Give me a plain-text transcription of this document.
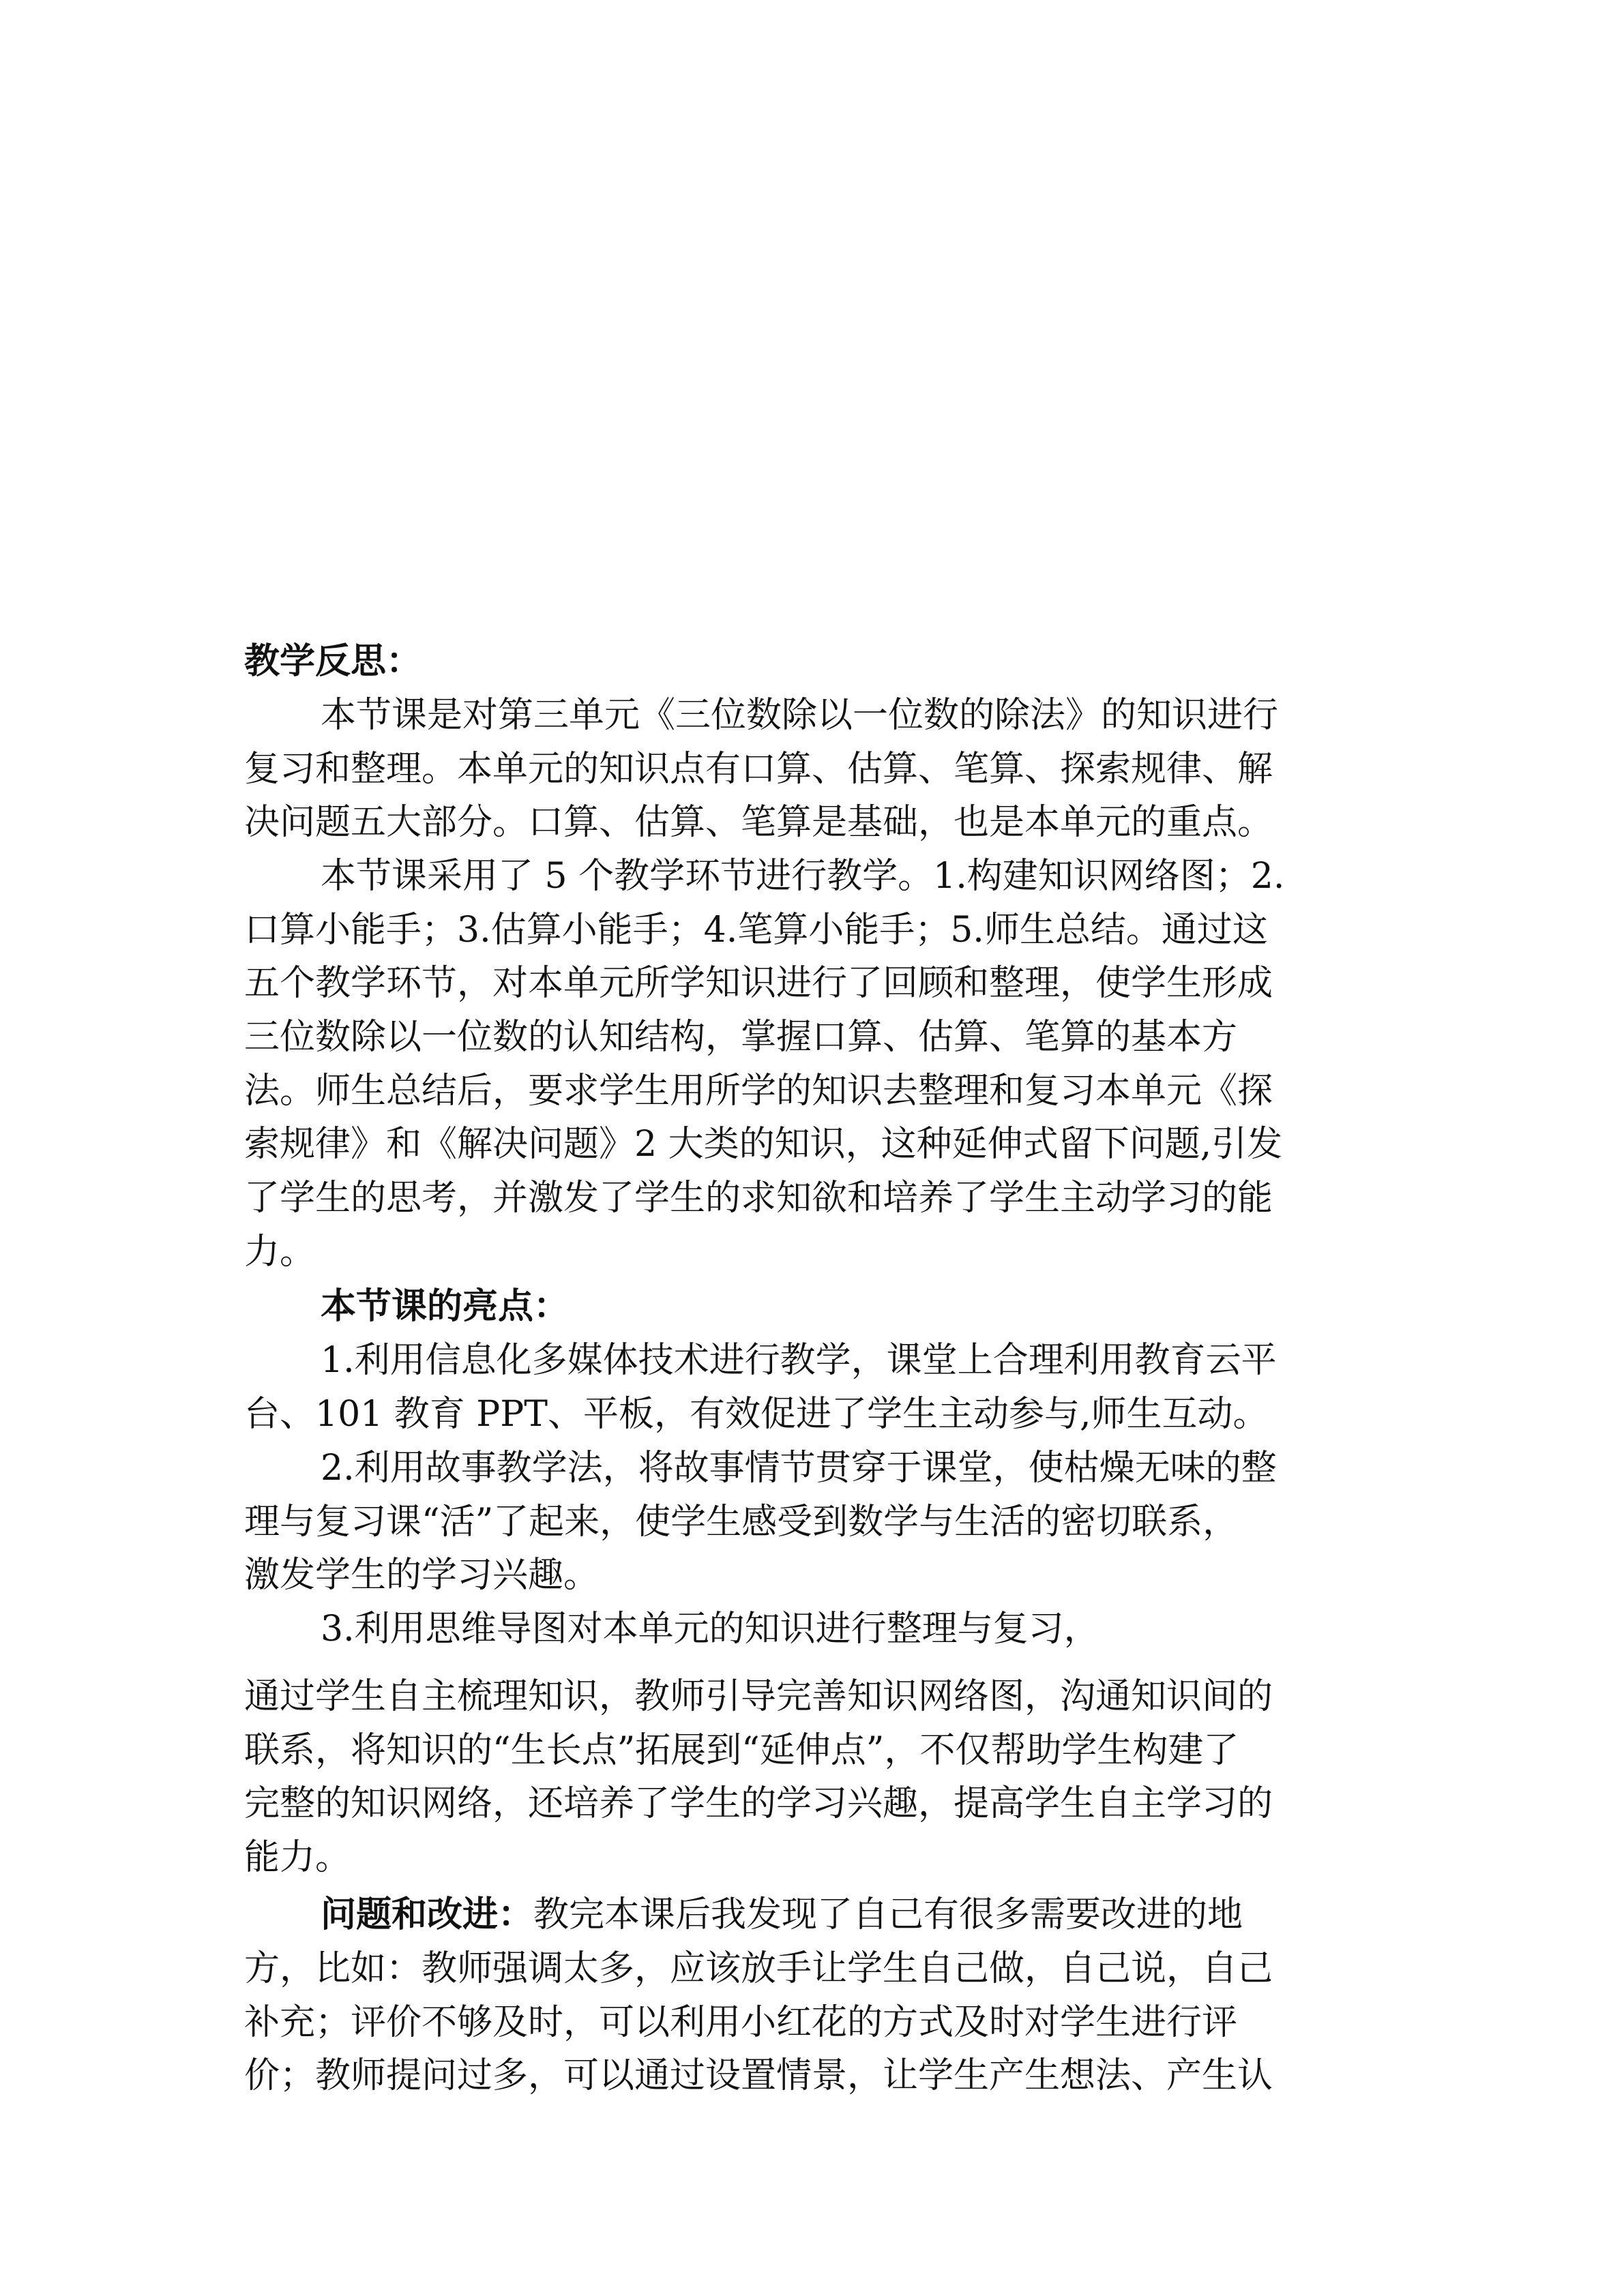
教学反思：
本节课是对第三单元《三位数除以一位数的除法》的知识进行
复习和整理。本单元的知识点有口算、估算、笔算、探索规律、解
决问题五大部分。口算、估算、笔算是基础，也是本单元的重点。
本节课采用了 5 个教学环节进行教学。1.构建知识网络图；2.
口算小能手；3.估算小能手；4.笔算小能手；5.师生总结。通过这
五个教学环节，对本单元所学知识进行了回顾和整理，使学生形成
三位数除以一位数的认知结构，掌握口算、估算、笔算的基本方
法。师生总结后，要求学生用所学的知识去整理和复习本单元《探
索规律》和《解决问题》2 大类的知识，这种延伸式留下问题,引发
了学生的思考，并激发了学生的求知欲和培养了学生主动学习的能
力。
本节课的亮点：
1.利用信息化多媒体技术进行教学，课堂上合理利用教育云平
台、101 教育 PPT、平板，有效促进了学生主动参与,师生互动。
2.利用故事教学法，将故事情节贯穿于课堂，使枯燥无味的整
理与复习课“活”了起来，使学生感受到数学与生活的密切联系，
激发学生的学习兴趣。
3.利用思维导图对本单元的知识进行整理与复习，
通过学生自主梳理知识，教师引导完善知识网络图，沟通知识间的
联系，将知识的“生长点”拓展到“延伸点”，不仅帮助学生构建了
完整的知识网络，还培养了学生的学习兴趣，提高学生自主学习的
能力。
问题和改进：教完本课后我发现了自己有很多需要改进的地
方，比如：教师强调太多，应该放手让学生自己做，自己说，自己
补充；评价不够及时，可以利用小红花的方式及时对学生进行评
价；教师提问过多，可以通过设置情景，让学生产生想法、产生认
